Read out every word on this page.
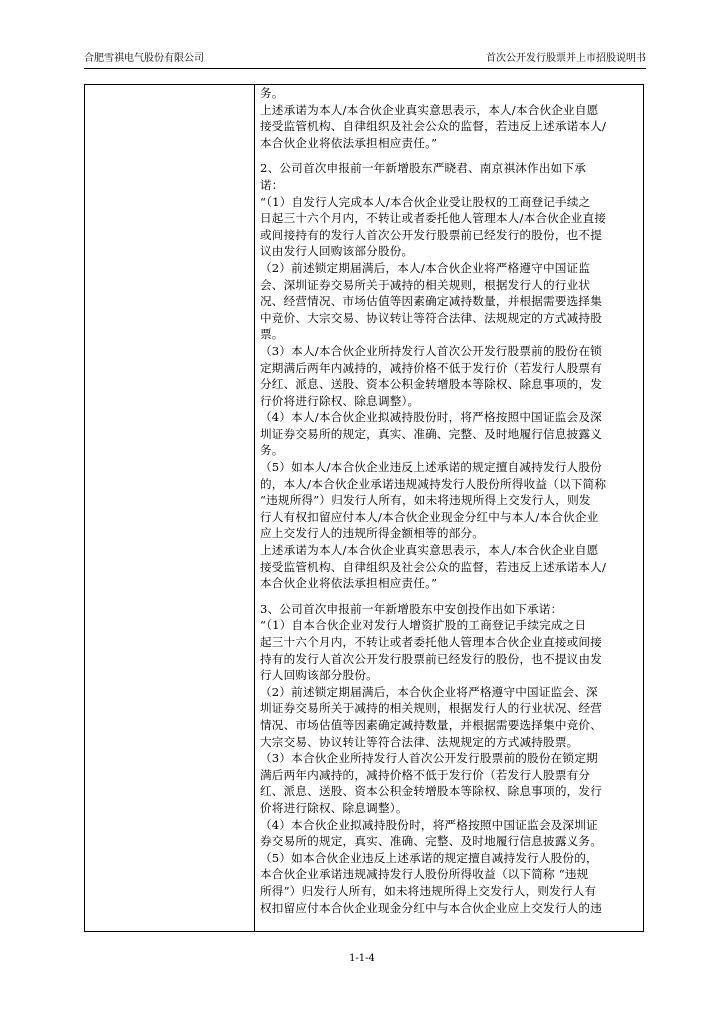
合肥雪祺电气股份有限公司	首次公开发行股票并上市招股说明书

务。

上述承诺为本人/本合伙企业真实意思表示，本人/本合伙企业自愿

接受监管机构、自律组织及社会公众的监督，若违反上述承诺本人/

本合伙企业将依法承担相应责任。”

2、公司首次申报前一年新增股东严晓君、南京祺沐作出如下承

诺：

“（1）自发行人完成本人/本合伙企业受让股权的工商登记手续之

日起三十六个月内，不转让或者委托他人管理本人/本合伙企业直接

或间接持有的发行人首次公开发行股票前已经发行的股份，也不提

议由发行人回购该部分股份。

（2）前述锁定期届满后，本人/本合伙企业将严格遵守中国证监

会、深圳证券交易所关于减持的相关规则，根据发行人的行业状

况、经营情况、市场估值等因素确定减持数量，并根据需要选择集

中竞价、大宗交易、协议转让等符合法律、法规规定的方式减持股

票。

（3）本人/本合伙企业所持发行人首次公开发行股票前的股份在锁

定期满后两年内减持的，减持价格不低于发行价（若发行人股票有

分红、派息、送股、资本公积金转增股本等除权、除息事项的，发

行价将进行除权、除息调整）。

（4）本人/本合伙企业拟减持股份时，将严格按照中国证监会及深

圳证券交易所的规定，真实、准确、完整、及时地履行信息披露义

务。

（5）如本人/本合伙企业违反上述承诺的规定擅自减持发行人股份

的，本人/本合伙企业承诺违规减持发行人股份所得收益（以下简称

“违规所得”）归发行人所有，如未将违规所得上交发行人，则发

行人有权扣留应付本人/本合伙企业现金分红中与本人/本合伙企业

应上交发行人的违规所得金额相等的部分。

上述承诺为本人/本合伙企业真实意思表示，本人/本合伙企业自愿

接受监管机构、自律组织及社会公众的监督，若违反上述承诺本人/

本合伙企业将依法承担相应责任。”

3、公司首次申报前一年新增股东中安创投作出如下承诺：

“（1）自本合伙企业对发行人增资扩股的工商登记手续完成之日

起三十六个月内，不转让或者委托他人管理本合伙企业直接或间接

持有的发行人首次公开发行股票前已经发行的股份，也不提议由发

行人回购该部分股份。

（2）前述锁定期届满后，本合伙企业将严格遵守中国证监会、深

圳证券交易所关于减持的相关规则，根据发行人的行业状况、经营

情况、市场估值等因素确定减持数量，并根据需要选择集中竞价、

大宗交易、协议转让等符合法律、法规规定的方式减持股票。

（3）本合伙企业所持发行人首次公开发行股票前的股份在锁定期

满后两年内减持的，减持价格不低于发行价（若发行人股票有分

红、派息、送股、资本公积金转增股本等除权、除息事项的，发行

价将进行除权、除息调整）。

（4）本合伙企业拟减持股份时，将严格按照中国证监会及深圳证

券交易所的规定，真实、准确、完整、及时地履行信息披露义务。

（5）如本合伙企业违反上述承诺的规定擅自减持发行人股份的，

本合伙企业承诺违规减持发行人股份所得收益（以下简称 “违规

所得”）归发行人所有，如未将违规所得上交发行人，则发行人有

权扣留应付本合伙企业现金分红中与本合伙企业应上交发行人的违

1-1-4
